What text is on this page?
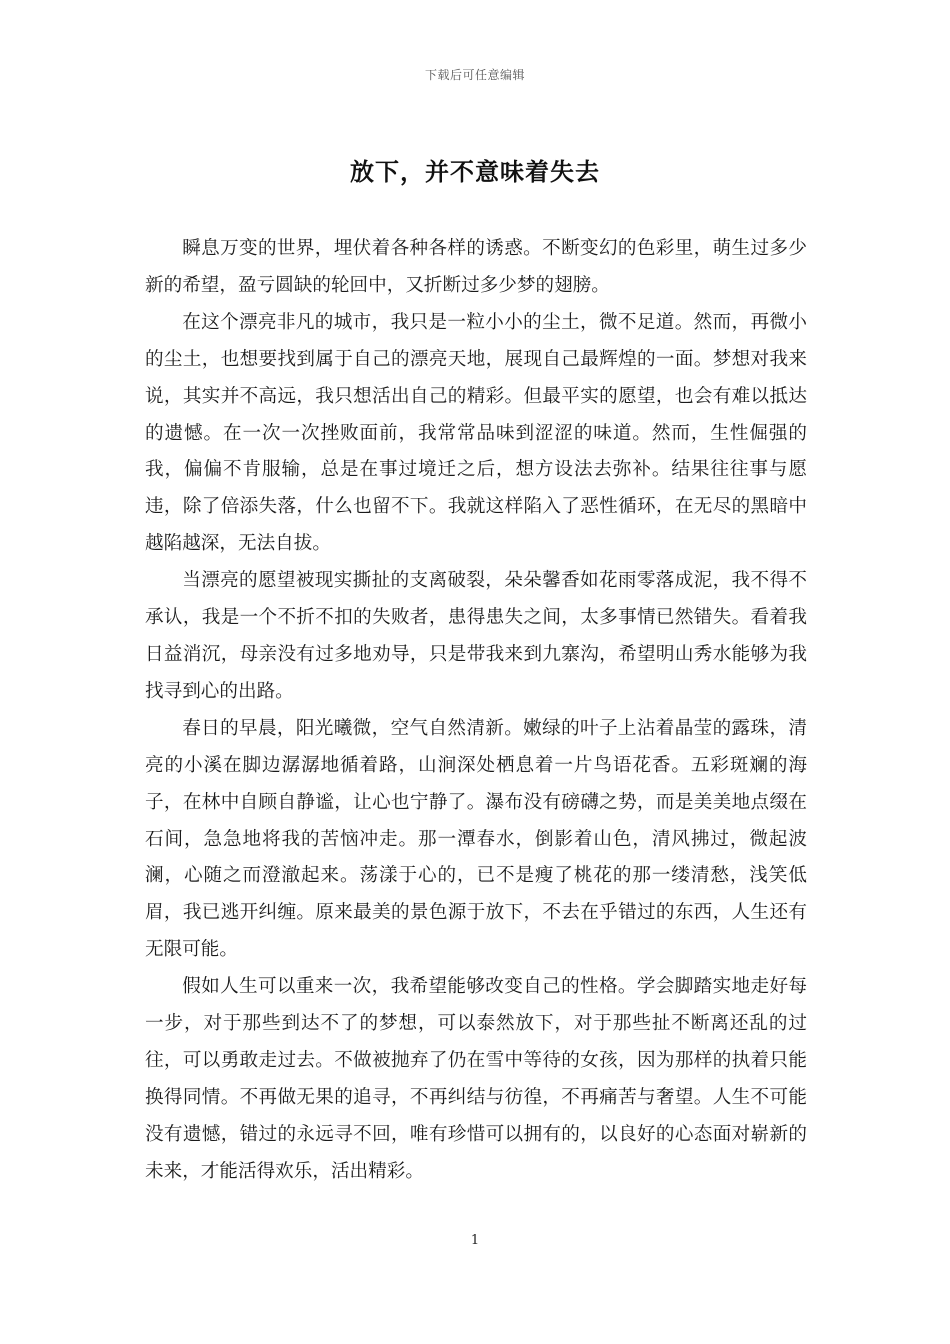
下载后可任意编辑
放下，并不意味着失去

瞬息万变的世界，埋伏着各种各样的诱惑。不断变幻的色彩里，萌生过多少新的希望，盈亏圆缺的轮回中，又折断过多少梦的翅膀。

在这个漂亮非凡的城市，我只是一粒小小的尘土，微不足道。然而，再微小的尘土，也想要找到属于自己的漂亮天地，展现自己最辉煌的一面。梦想对我来说，其实并不高远，我只想活出自己的精彩。但最平实的愿望，也会有难以抵达的遗憾。在一次一次挫败面前，我常常品味到涩涩的味道。然而，生性倔强的我，偏偏不肯服输，总是在事过境迁之后，想方设法去弥补。结果往往事与愿违，除了倍添失落，什么也留不下。我就这样陷入了恶性循环，在无尽的黑暗中越陷越深，无法自拔。

当漂亮的愿望被现实撕扯的支离破裂，朵朵馨香如花雨零落成泥，我不得不承认，我是一个不折不扣的失败者，患得患失之间，太多事情已然错失。看着我日益消沉，母亲没有过多地劝导，只是带我来到九寨沟，希望明山秀水能够为我找寻到心的出路。

春日的早晨，阳光曦微，空气自然清新。嫩绿的叶子上沾着晶莹的露珠，清亮的小溪在脚边潺潺地循着路，山涧深处栖息着一片鸟语花香。五彩斑斓的海子，在林中自顾自静谧，让心也宁静了。瀑布没有磅礴之势，而是美美地点缀在石间，急急地将我的苦恼冲走。那一潭春水，倒影着山色，清风拂过，微起波澜，心随之而澄澈起来。荡漾于心的，已不是瘦了桃花的那一缕清愁，浅笑低眉，我已逃开纠缠。原来最美的景色源于放下，不去在乎错过的东西，人生还有无限可能。

假如人生可以重来一次，我希望能够改变自己的性格。学会脚踏实地走好每一步，对于那些到达不了的梦想，可以泰然放下，对于那些扯不断离还乱的过往，可以勇敢走过去。不做被抛弃了仍在雪中等待的女孩，因为那样的执着只能换得同情。不再做无果的追寻，不再纠结与彷徨，不再痛苦与奢望。人生不可能没有遗憾，错过的永远寻不回，唯有珍惜可以拥有的，以良好的心态面对崭新的未来，才能活得欢乐，活出精彩。

1
